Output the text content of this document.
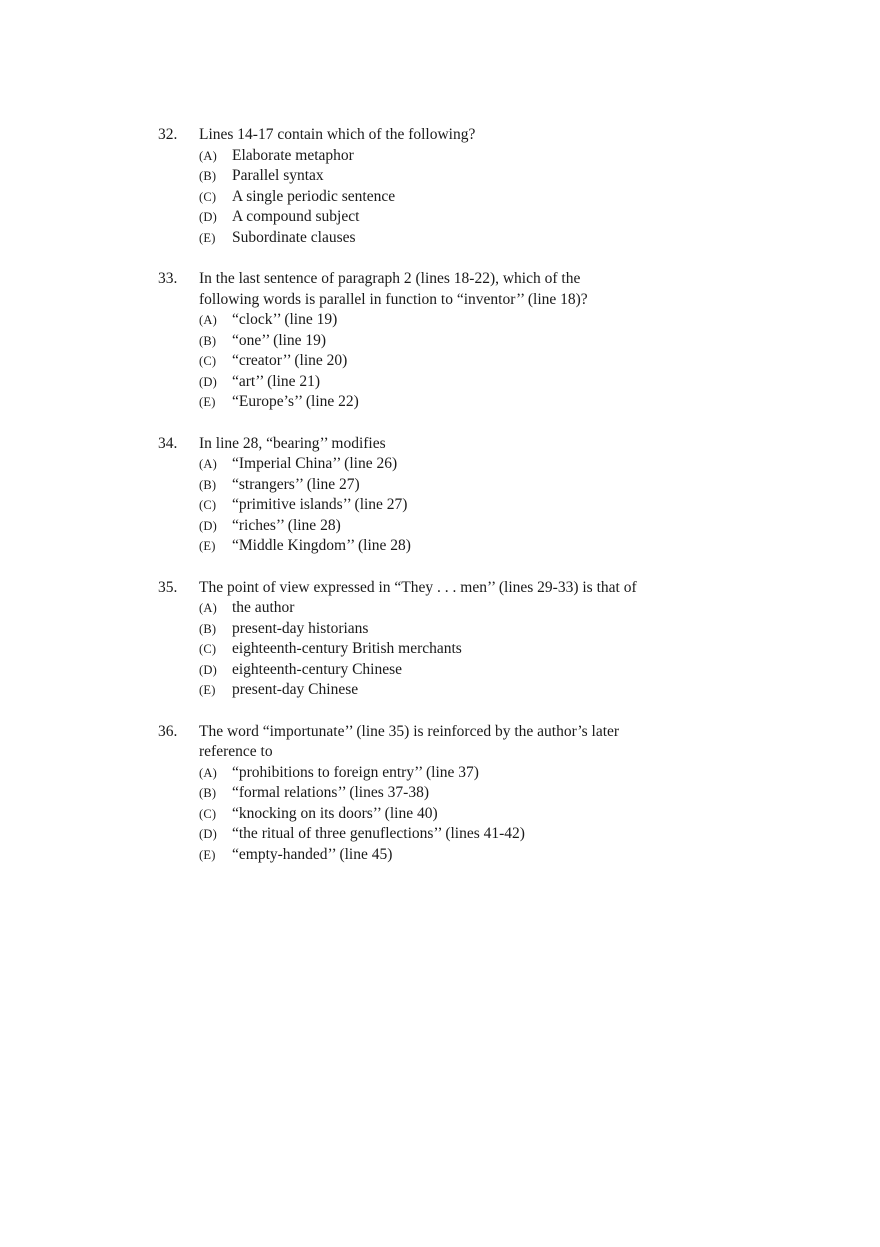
32. Lines 14-17 contain which of the following?
(A) Elaborate metaphor
(B) Parallel syntax
(C) A single periodic sentence
(D) A compound subject
(E) Subordinate clauses
33. In the last sentence of paragraph 2 (lines 18-22), which of the
following words is parallel in function to “inventor’’ (line 18)?
(A) “clock’’ (line 19)
(B) “one’’ (line 19)
(C) “creator’’ (line 20)
(D) “art’’ (line 21)
(E) “Europe’s’’ (line 22)
34. In line 28, “bearing’’ modifies
(A) “Imperial China’’ (line 26)
(B) “strangers’’ (line 27)
(C) “primitive islands’’ (line 27)
(D) “riches’’ (line 28)
(E) “Middle Kingdom’’ (line 28)
35. The point of view expressed in “They . . . men’’ (lines 29-33) is that of
(A) the author
(B) present-day historians
(C) eighteenth-century British merchants
(D) eighteenth-century Chinese
(E) present-day Chinese
36. The word “importunate’’ (line 35) is reinforced by the author’s later
reference to
(A) “prohibitions to foreign entry’’ (line 37)
(B) “formal relations’’ (lines 37-38)
(C) “knocking on its doors’’ (line 40)
(D) “the ritual of three genuflections’’ (lines 41-42)
(E) “empty-handed’’ (line 45)
